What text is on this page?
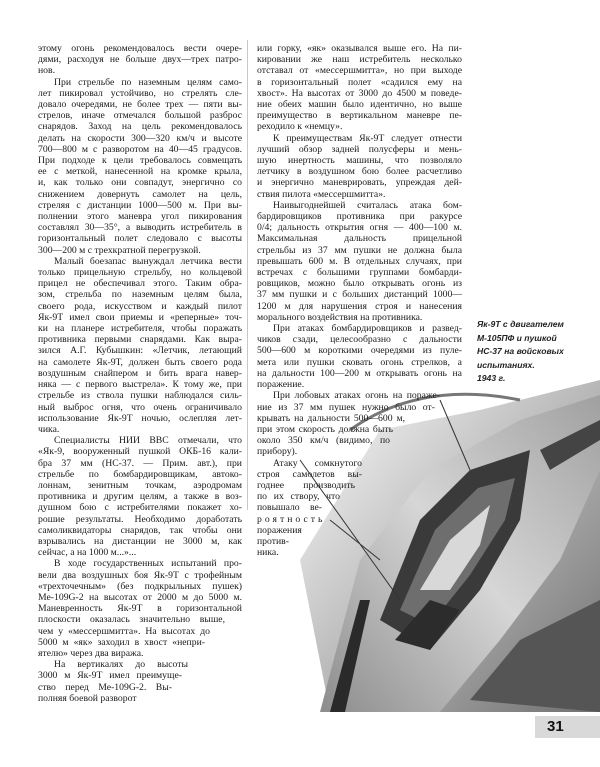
этому огонь рекомендовалось вести очере-
дями, расходуя не больше двух—трех патро-
нов.
При стрельбе по наземным целям само-
лет пикировал устойчиво, но стрелять сле-
довало очередями, не более трех — пяти вы-
стрелов, иначе отмечался большой разброс
снарядов. Заход на цель рекомендовалось
делать на скорости 300—320 км/ч и высоте
700—800 м с разворотом на 40—45 градусов.
При подходе к цели требовалось совмещать
ее с меткой, нанесенной на кромке крыла,
и, как только они совпадут, энергично со
снижением довернуть самолет на цель,
стреляя с дистанции 1000—500 м. При вы-
полнении этого маневра угол пикирования
составлял 30—35°, а выводить истребитель в
горизонтальный полет следовало с высоты
300—200 м с трехкратной перегрузкой.
Малый боезапас вынуждал летчика вести
только прицельную стрельбу, но кольцевой
прицел не обеспечивал этого. Таким обра-
зом, стрельба по наземным целям была,
своего рода, искусством и каждый пилот
Як-9Т имел свои приемы и «реперные» точ-
ки на планере истребителя, чтобы поражать
противника первыми снарядами. Как выра-
зился А.Г. Кубышкин: «Летчик, летающий
на самолете Як-9Т, должен быть своего рода
воздушным снайпером и бить врага навер-
няка — с первого выстрела». К тому же, при
стрельбе из ствола пушки наблюдался силь-
ный выброс огня, что очень ограничивало
использование Як-9Т ночью, ослепляя лет-
чика.
Специалисты НИИ ВВС отмечали, что
«Як-9, вооруженный пушкой ОКБ-16 кали-
бра 37 мм (НС-37. — Прим. авт.), при
стрельбе по бомбардировщикам, автоко-
лоннам, зенитным точкам, аэродромам
противника и другим целям, а также в воз-
душном бою с истребителями покажет хо-
рошие результаты. Необходимо доработать
самоликвидаторы снарядов, так чтобы они
взрывались на дистанции не 3000 м, как
сейчас, а на 1000 м...»...
В ходе государственных испытаний про-
вели два воздушных боя Як-9Т с трофейным
«трехточечным» (без подкрыльных пушек)
Ме-109G-2 на высотах от 2000 м до 5000 м.
Маневренность Як-9Т в горизонтальной
плоскости оказалась значительно выше,
чем у «мессершмитта». На высотах до
5000 м «як» заходил в хвост «непри-
ятелю» через два виража.
На вертикалях до высоты
3000 м Як-9Т имел преимуще-
ство перед Ме-109G-2. Вы-
полняя боевой разворот
или горку, «як» оказывался выше его. На пи-
кировании же наш истребитель несколько
отставал от «мессершмитта», но при выходе
в горизонтальный полет «садился ему на
хвост». На высотах от 3000 до 4500 м поведе-
ние обеих машин было идентично, но выше
преимущество в вертикальном маневре пе-
реходило к «немцу».
К преимуществам Як-9Т следует отнести
лучший обзор задней полусферы и мень-
шую инертность машины, что позволяло
летчику в воздушном бою более расчетливо
и энергично маневрировать, упреждая дей-
ствия пилота «мессершмитта».
Наивыгоднейшей считалась атака бом-
бардировщиков противника при ракурсе
0/4; дальность открытия огня — 400—100 м.
Максимальная дальность прицельной
стрельбы из 37 мм пушки не должна была
превышать 600 м. В отдельных случаях, при
встречах с большими группами бомбарди-
ровщиков, можно было открывать огонь из
37 мм пушки и с больших дистанций 1000—
1200 м для нарушения строя и нанесения
морального воздействия на противника.
При атаках бомбардировщиков и развед-
чиков сзади, целесообразно с дальности
500—600 м короткими очередями из пуле-
мета или пушки сковать огонь стрелков, а
на дальности 100—200 м открывать огонь на
поражение.
При лобовых атаках огонь на пораже-
ние из 37 мм пушек нужно было от-
крывать на дальности 500—600 м,
при этом скорость должна быть
около 350 км/ч (видимо, по
прибору).
Атаку сомкнутого
строя самолетов вы-
годнее производить
по их створу, что
повышало ве-
роятность
поражения
против-
ника.
Як-9Т с двигателем
М-105ПФ и пушкой
НС-37 на войсковых
испытаниях.
1943 г.
31
